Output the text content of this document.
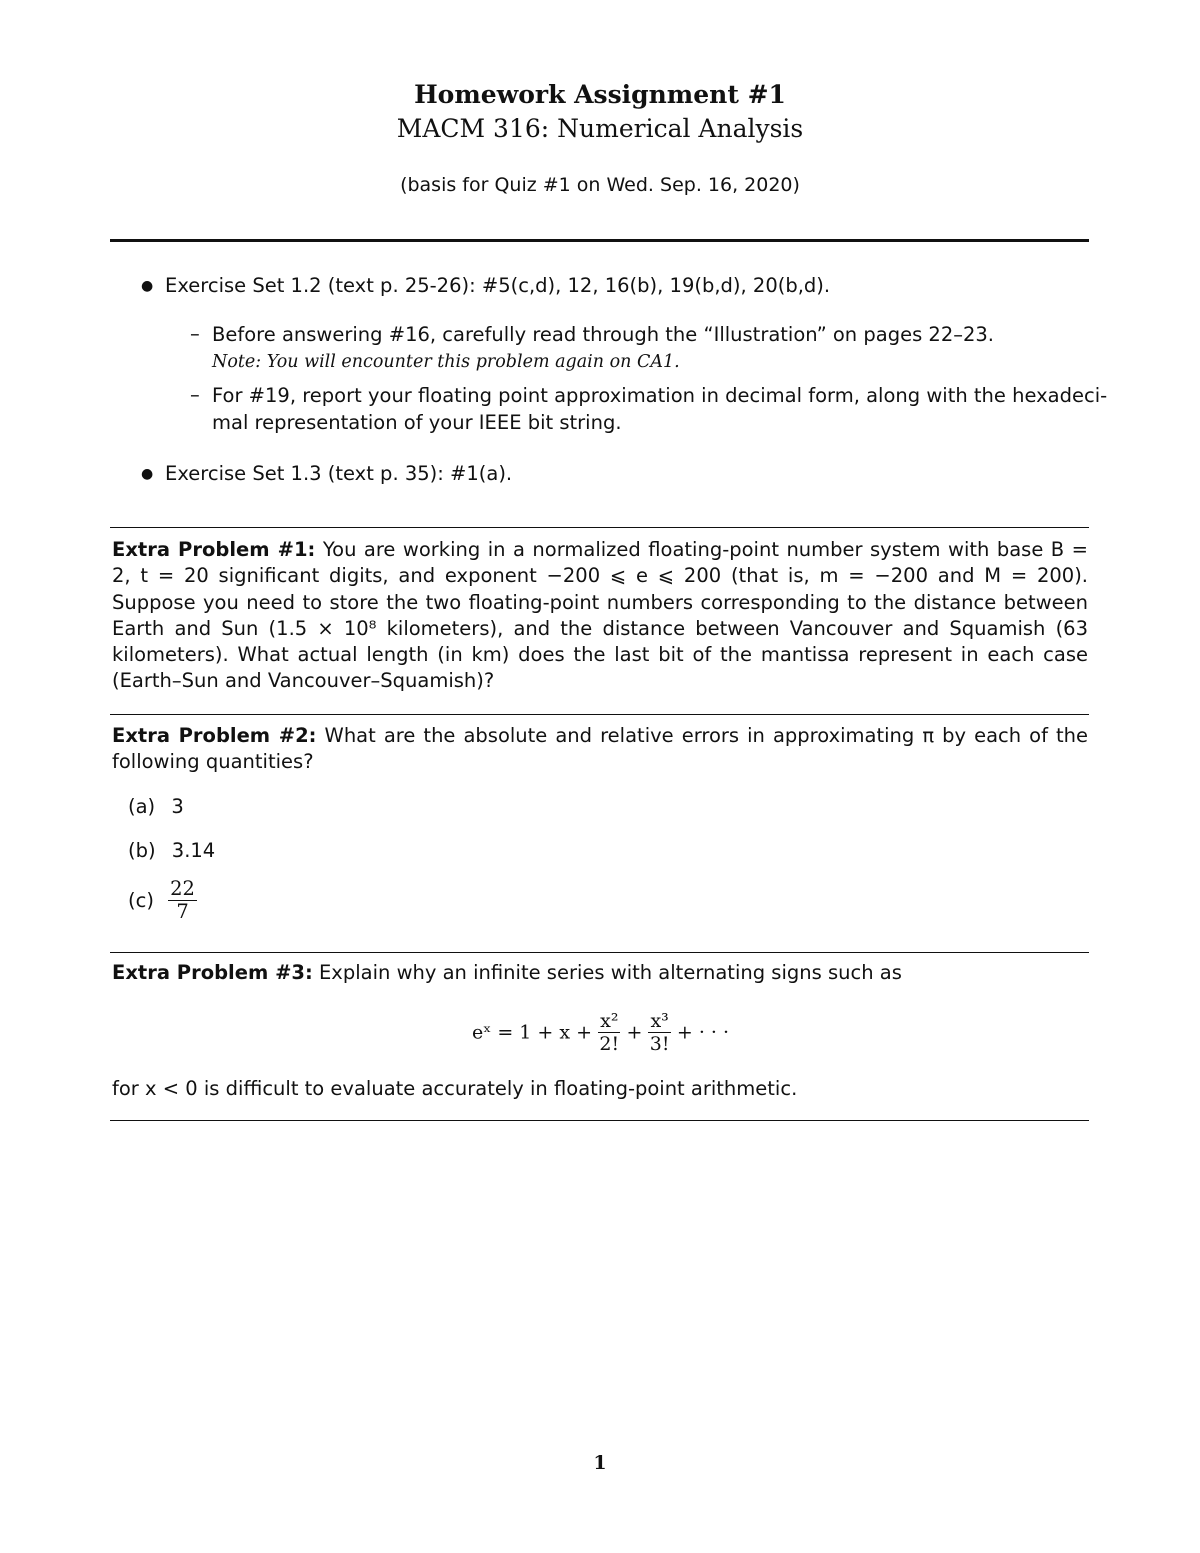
Homework Assignment #1
MACM 316: Numerical Analysis
(basis for Quiz #1 on Wed. Sep. 16, 2020)
● Exercise Set 1.2 (text p. 25-26): #5(c,d), 12, 16(b), 19(b,d), 20(b,d).
– Before answering #16, carefully read through the “Illustration” on pages 22–23.
Note: You will encounter this problem again on CA1.
– For #19, report your floating point approximation in decimal form, along with the hexadeci-
mal representation of your IEEE bit string.
● Exercise Set 1.3 (text p. 35): #1(a).
Extra Problem #1: You are working in a normalized floating-point number system with base B = 2, t = 20 significant digits, and exponent −200 ⩽ e ⩽ 200 (that is, m = −200 and M = 200). Suppose you need to store the two floating-point numbers corresponding to the distance between Earth and Sun (1.5 × 10⁸ kilometers), and the distance between Vancouver and Squamish (63 kilometers). What actual length (in km) does the last bit of the mantissa represent in each case (Earth–Sun and Vancouver–Squamish)?
Extra Problem #2: What are the absolute and relative errors in approximating π by each of the following quantities?
(a) 3
(b) 3.14
$(c) \frac{22}{7}$
Extra Problem #3: Explain why an infinite series with alternating signs such as
eˣ = $1 + x + \frac{\text{x²}}{2!} + \frac{\text{x³}}{3!}$ + · · ·
for x < 0 is difficult to evaluate accurately in floating-point arithmetic.
1
